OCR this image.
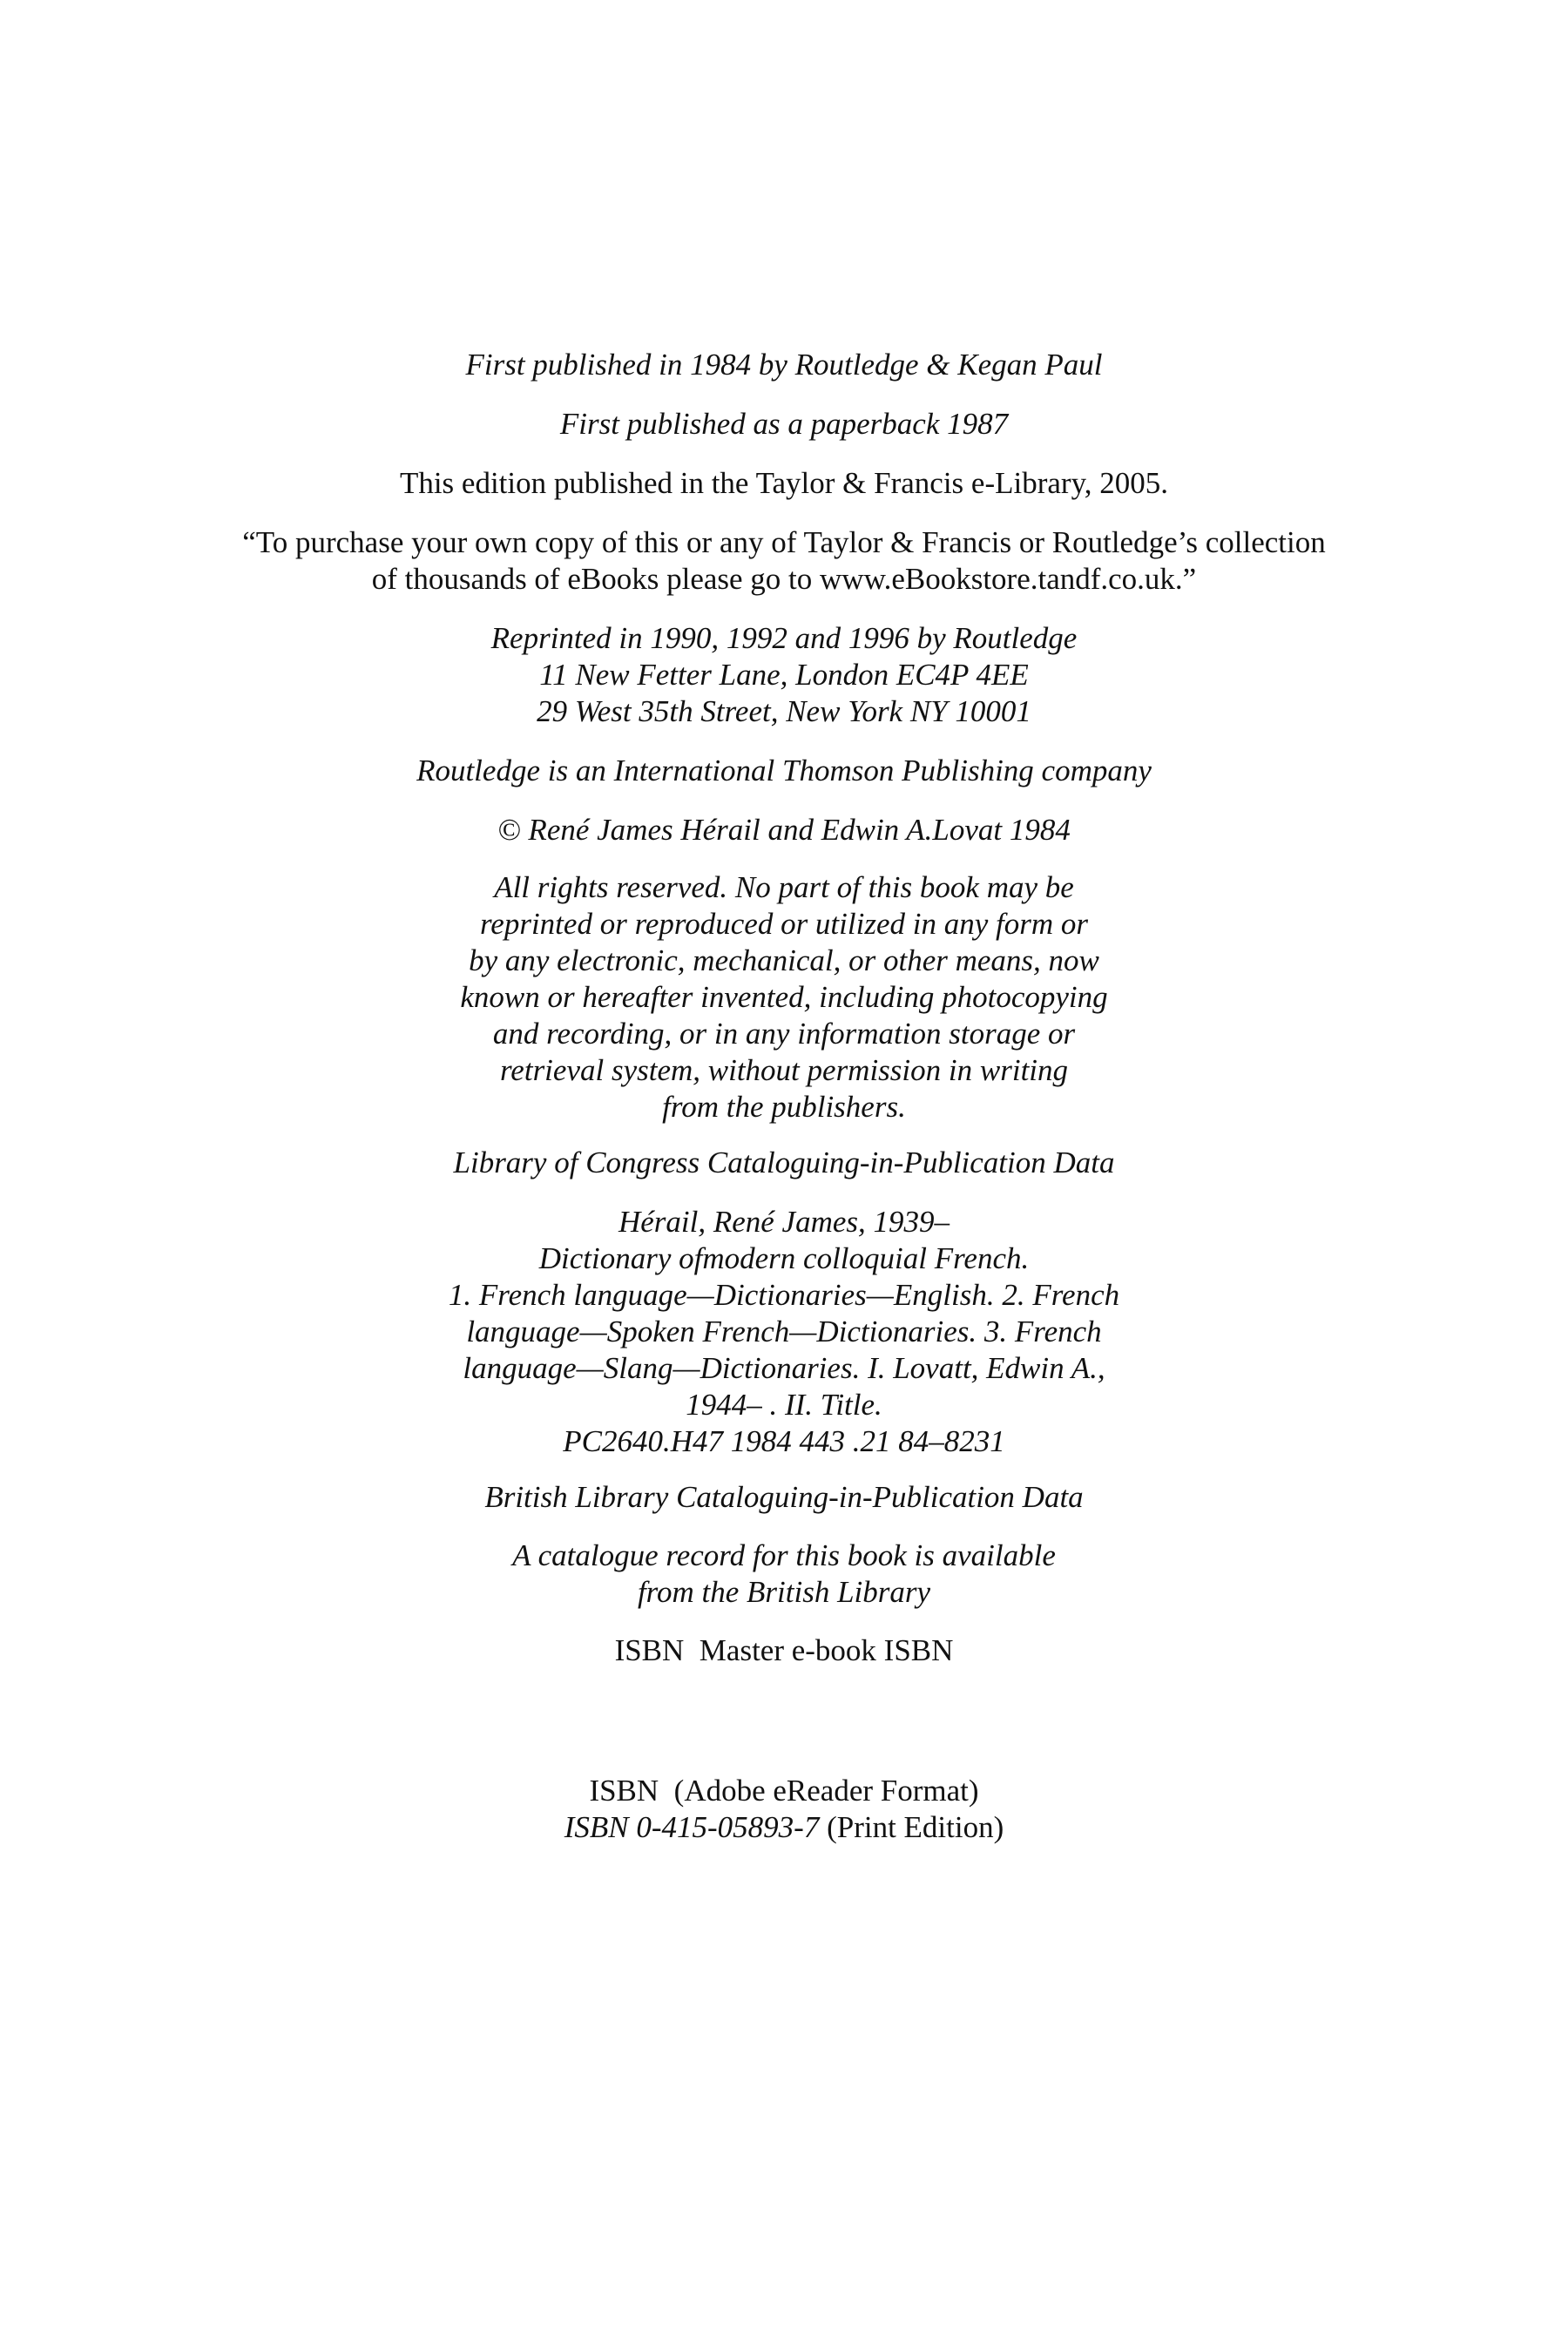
First published in 1984 by Routledge & Kegan Paul
First published as a paperback 1987
This edition published in the Taylor & Francis e-Library, 2005.
“To purchase your own copy of this or any of Taylor & Francis or Routledge’s collection
of thousands of eBooks please go to www.eBookstore.tandf.co.uk.”
Reprinted in 1990, 1992 and 1996 by Routledge
11 New Fetter Lane, London EC4P 4EE
29 West 35th Street, New York NY 10001
Routledge is an International Thomson Publishing company
© René James Hérail and Edwin A.Lovat 1984
All rights reserved. No part of this book may be
reprinted or reproduced or utilized in any form or
by any electronic, mechanical, or other means, now
known or hereafter invented, including photocopying
and recording, or in any information storage or
retrieval system, without permission in writing
from the publishers.
Library of Congress Cataloguing-in-Publication Data
Hérail, René James, 1939–
Dictionary ofmodern colloquial French.
1. French language—Dictionaries—English. 2. French
language—Spoken French—Dictionaries. 3. French
language—Slang—Dictionaries. I. Lovatt, Edwin A.,
1944– . II. Title.
PC2640.H47 1984 443 .21 84–8231
British Library Cataloguing-in-Publication Data
A catalogue record for this book is available
from the British Library
ISBN  Master e-book ISBN
ISBN  (Adobe eReader Format)
ISBN 0-415-05893-7 (Print Edition)
